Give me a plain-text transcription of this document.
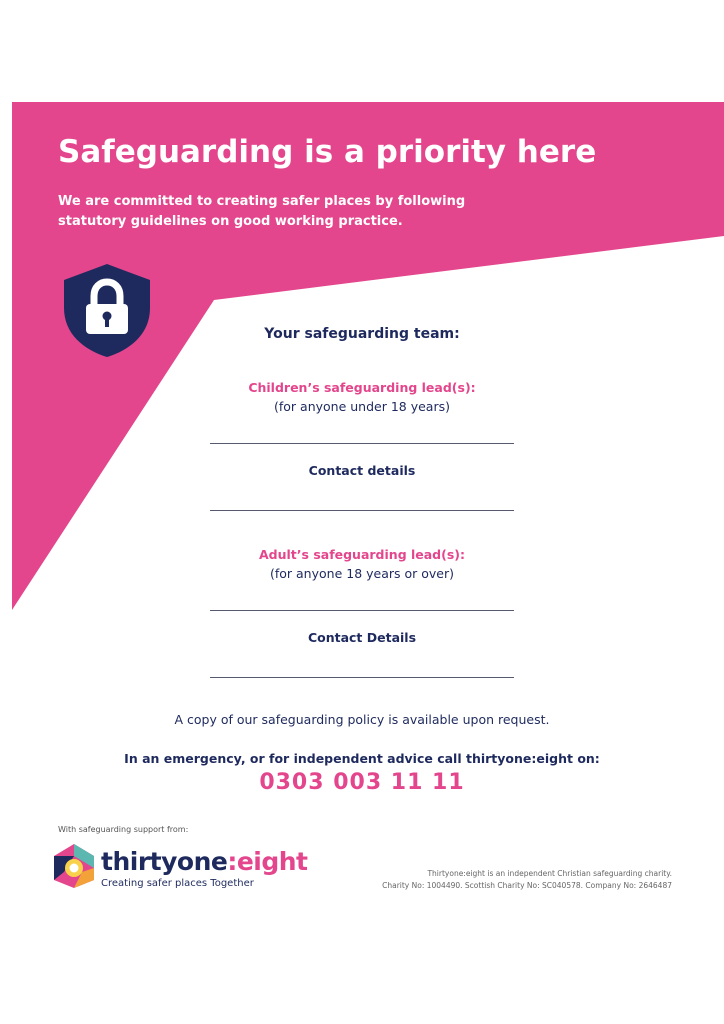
Safeguarding is a priority here
We are committed to creating safer places by following statutory guidelines on good working practice.
Your safeguarding team:
Children’s safeguarding lead(s):
(for anyone under 18 years)
Contact details
Adult’s safeguarding lead(s):
(for anyone 18 years or over)
Contact Details
A copy of our safeguarding policy is available upon request.
In an emergency, or for independent advice call thirtyone:eight on:
0303 003 11 11
With safeguarding support from:
thirtyone:eight
Creating safer places Together
Thirtyone:eight is an independent Christian safeguarding charity.
Charity No: 1004490. Scottish Charity No: SC040578. Company No: 2646487
